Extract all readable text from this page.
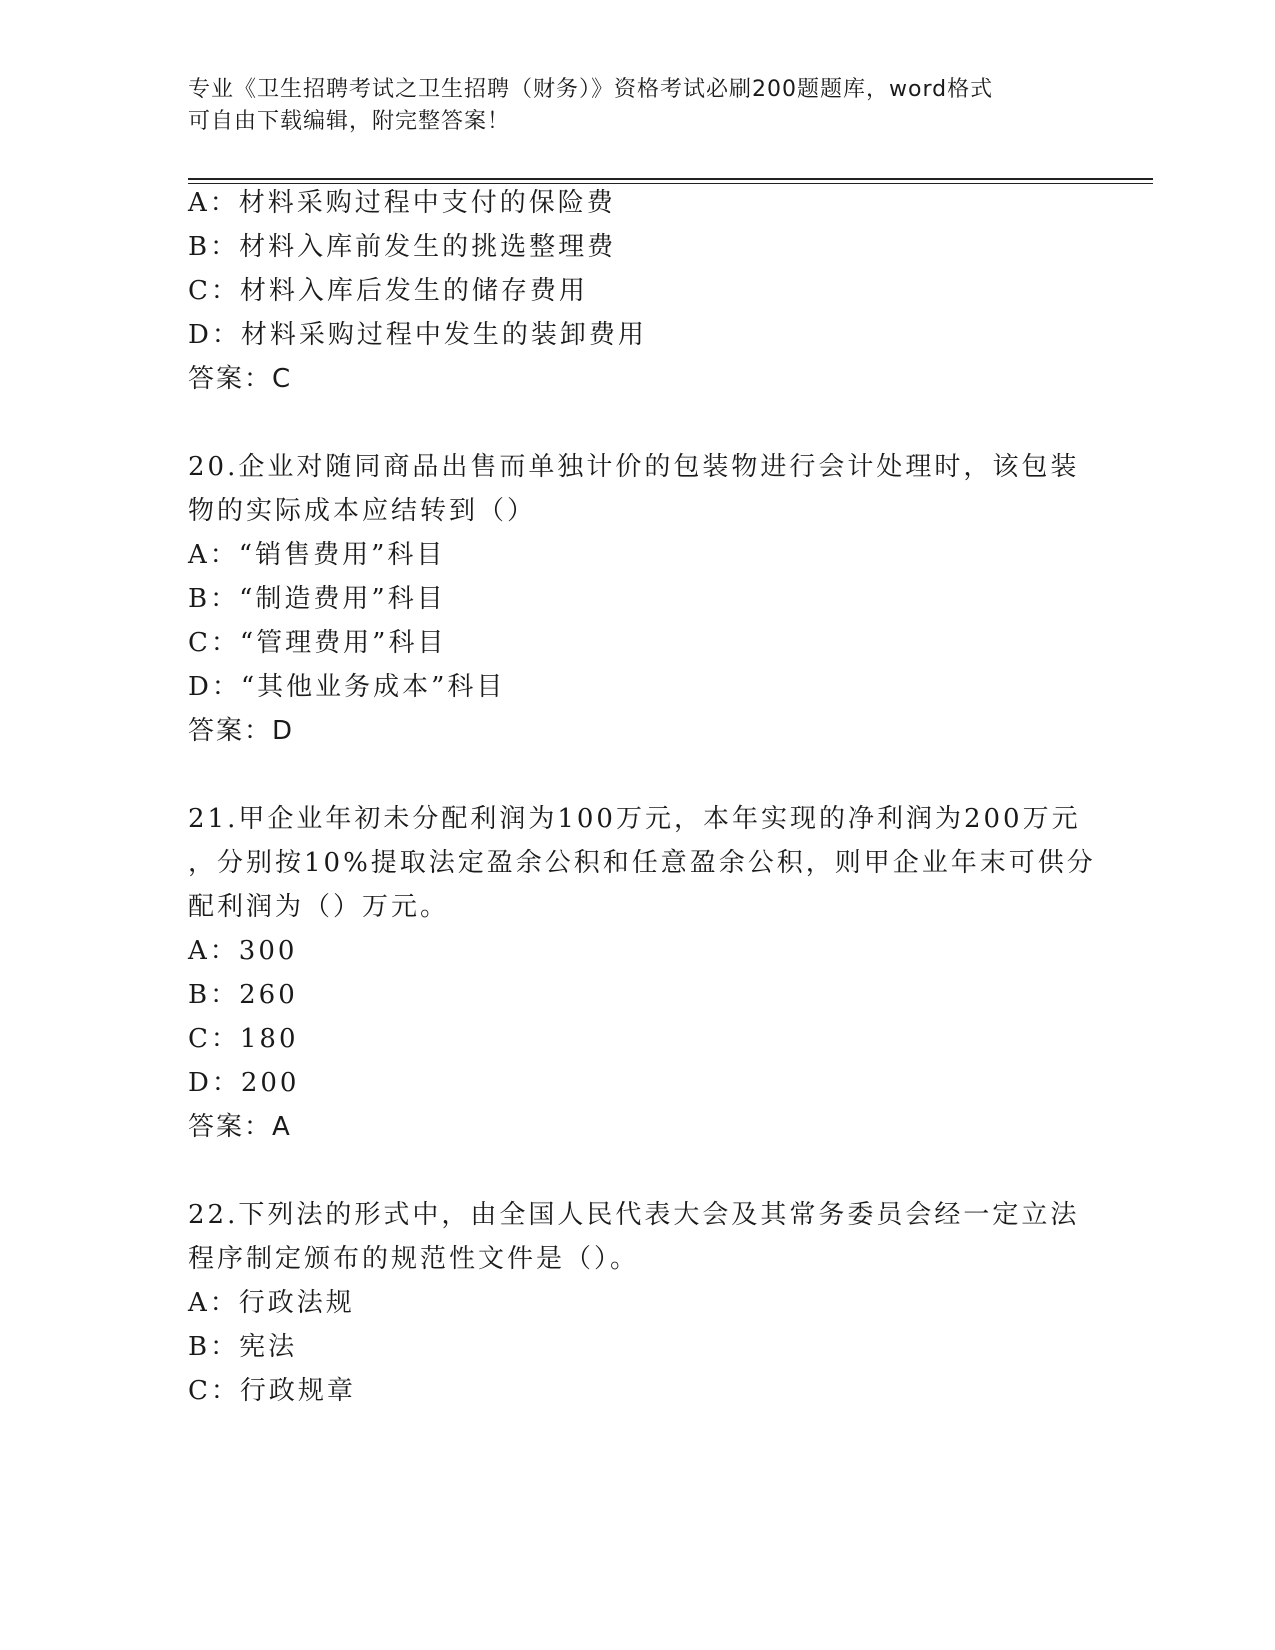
专业《卫生招聘考试之卫生招聘（财务）》资格考试必刷200题题库，word格式
可自由下载编辑，附完整答案！
A：材料采购过程中支付的保险费
B：材料入库前发生的挑选整理费
C：材料入库后发生的储存费用
D：材料采购过程中发生的装卸费用
答案：C
20.企业对随同商品出售而单独计价的包装物进行会计处理时，该包装
物的实际成本应结转到（）
A：“销售费用”科目
B：“制造费用”科目
C：“管理费用”科目
D：“其他业务成本”科目
答案：D
21.甲企业年初未分配利润为100万元，本年实现的净利润为200万元
，分别按10%提取法定盈余公积和任意盈余公积，则甲企业年末可供分
配利润为（）万元。
A：300
B：260
C：180
D：200
答案：A
22.下列法的形式中，由全国人民代表大会及其常务委员会经一定立法
程序制定颁布的规范性文件是（）。
A：行政法规
B：宪法
C：行政规章
